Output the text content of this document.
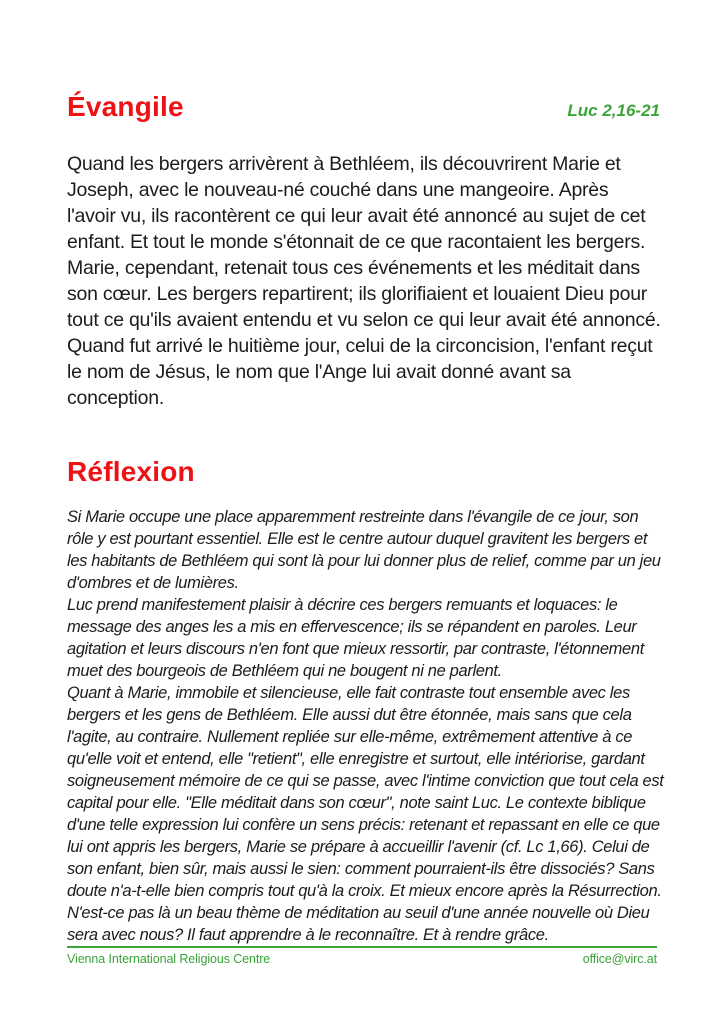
Évangile	Luc 2,16-21
Quand les bergers arrivèrent à Bethléem, ils découvrirent Marie et Joseph, avec le nouveau-né couché dans une mangeoire. Après l'avoir vu, ils racontèrent ce qui leur avait été annoncé au sujet de cet enfant. Et tout le monde s'étonnait de ce que racontaient les bergers. Marie, cependant, retenait tous ces événements et les méditait dans son cœur. Les bergers repartirent; ils glorifiaient et louaient Dieu pour tout ce qu'ils avaient entendu et vu selon ce qui leur avait été annoncé. Quand fut arrivé le huitième jour, celui de la circoncision, l'enfant reçut le nom de Jésus, le nom que l'Ange lui avait donné avant sa conception.
Réflexion

Si Marie occupe une place apparemment restreinte dans l'évangile de ce jour, son rôle y est pourtant essentiel. Elle est le centre autour duquel gravitent les bergers et les habitants de Bethléem qui sont là pour lui donner plus de relief, comme par un jeu d'ombres et de lumières.

Luc prend manifestement plaisir à décrire ces bergers remuants et loquaces: le message des anges les a mis en effervescence; ils se répandent en paroles. Leur agitation et leurs discours n'en font que mieux ressortir, par contraste, l'étonnement muet des bourgeois de Bethléem qui ne bougent ni ne parlent.

Quant à Marie, immobile et silencieuse, elle fait contraste tout ensemble avec les bergers et les gens de Bethléem. Elle aussi dut être étonnée, mais sans que cela l'agite, au contraire. Nullement repliée sur elle-même, extrêmement attentive à ce qu'elle voit et entend, elle "retient", elle enregistre et surtout, elle intériorise, gardant soigneusement mémoire de ce qui se passe, avec l'intime conviction que tout cela est capital pour elle. "Elle méditait dans son cœur", note saint Luc. Le contexte biblique d'une telle expression lui confère un sens précis: retenant et repassant en elle ce que lui ont appris les bergers, Marie se prépare à accueillir l'avenir (cf. Lc 1,66). Celui de son enfant, bien sûr, mais aussi le sien: comment pourraient-ils être dissociés? Sans doute n'a-t-elle bien compris tout qu'à la croix. Et mieux encore après la Résurrection. N'est-ce pas là un beau thème de méditation au seuil d'une année nouvelle où Dieu sera avec nous? Il faut apprendre à le reconnaître. Et à rendre grâce.

Vienna International Religious Centre	office@virc.at
